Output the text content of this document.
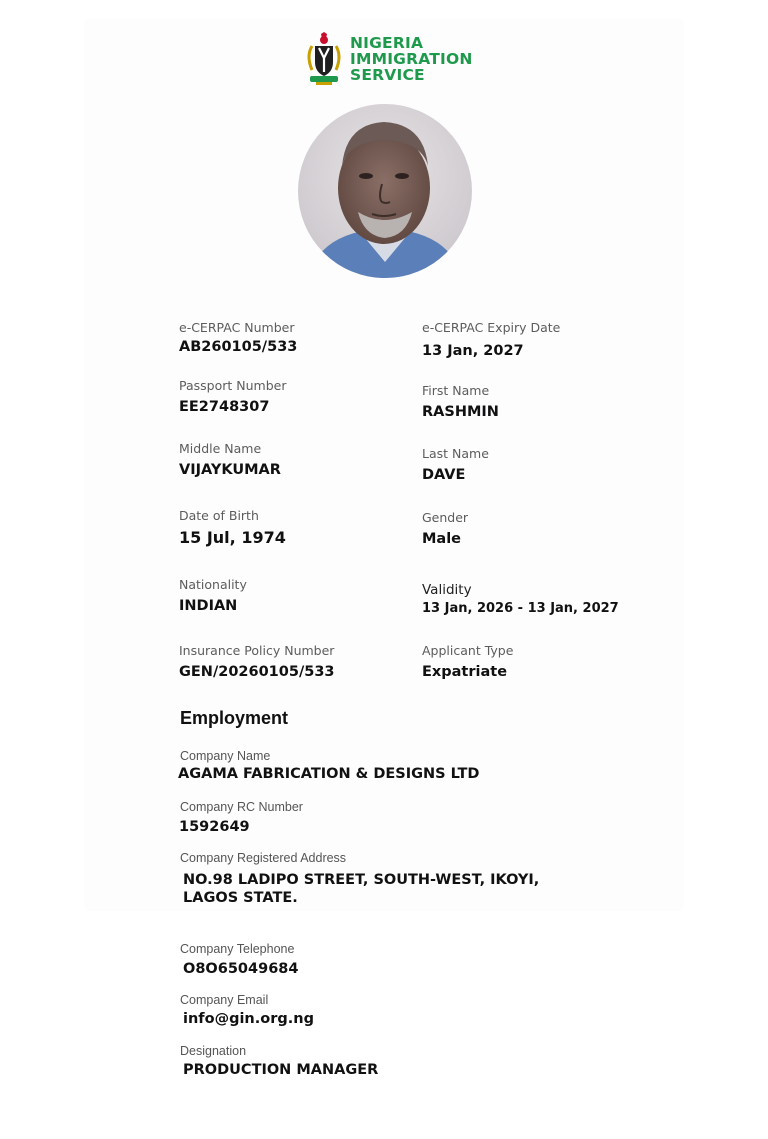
NIGERIA
IMMIGRATION
SERVICE
e-CERPAC Number
AB260105/533
Passport Number
EE2748307
Middle Name
VIJAYKUMAR
Date of Birth
15 Jul, 1974
Nationality
INDIAN
Insurance Policy Number
GEN/20260105/533
e-CERPAC Expiry Date
13 Jan, 2027
First Name
RASHMIN
Last Name
DAVE
Gender
Male
Validity
13 Jan, 2026 - 13 Jan, 2027
Applicant Type
Expatriate
Employment
Company Name
AGAMA FABRICATION & DESIGNS LTD
Company RC Number
1592649
Company Registered Address
NO.98 LADIPO STREET, SOUTH-WEST, IKOYI,
LAGOS STATE.
Company Telephone
O8O65049684
Company Email
info@gin.org.ng
Designation
PRODUCTION MANAGER
